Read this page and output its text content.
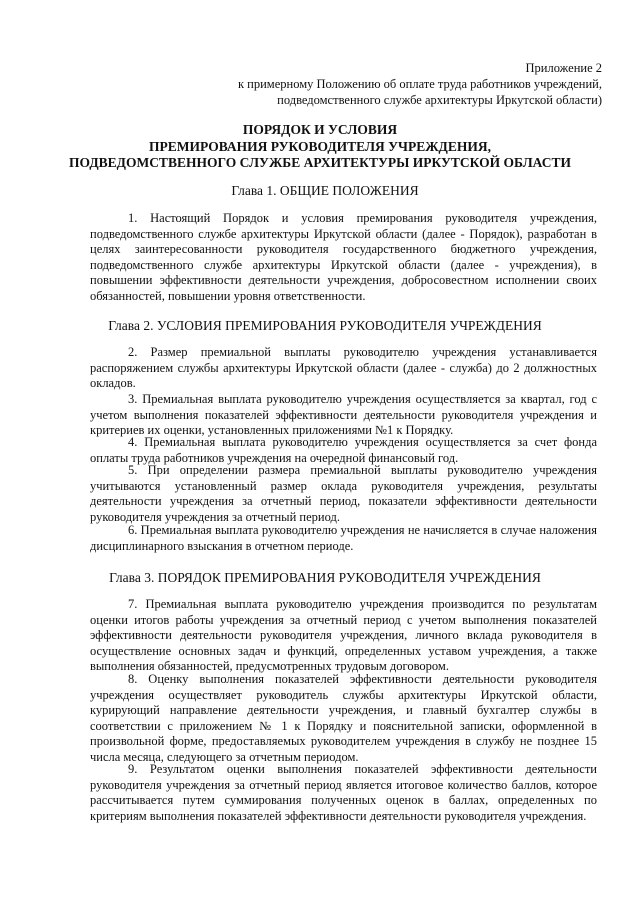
Приложение 2
к примерному Положению об оплате труда работников учреждений,
подведомственного службе архитектуры Иркутской области)
ПОРЯДОК И УСЛОВИЯ
ПРЕМИРОВАНИЯ РУКОВОДИТЕЛЯ УЧРЕЖДЕНИЯ,
ПОДВЕДОМСТВЕННОГО СЛУЖБЕ АРХИТЕКТУРЫ ИРКУТСКОЙ ОБЛАСТИ
Глава 1. ОБЩИЕ ПОЛОЖЕНИЯ

1. Настоящий Порядок и условия премирования руководителя учреждения, подведомственного службе архитектуры Иркутской области (далее - Порядок), разработан в целях заинтересованности руководителя государственного бюджетного учреждения, подведомственного службе архитектуры Иркутской области (далее - учреждения), в повышении эффективности деятельности учреждения, добросовестном исполнении своих обязанностей, повышении уровня ответственности.

Глава 2. УСЛОВИЯ ПРЕМИРОВАНИЯ РУКОВОДИТЕЛЯ УЧРЕЖДЕНИЯ

2. Размер премиальной выплаты руководителю учреждения устанавливается распоряжением службы архитектуры Иркутской области (далее - служба) до 2 должностных окладов.

3. Премиальная выплата руководителю учреждения осуществляется за квартал, год с учетом выполнения показателей эффективности деятельности руководителя учреждения и критериев их оценки, установленных приложениями №1 к Порядку.

4. Премиальная выплата руководителю учреждения осуществляется за счет фонда оплаты труда работников учреждения на очередной финансовый год.

5. При определении размера премиальной выплаты руководителю учреждения учитываются установленный размер оклада руководителя учреждения, результаты деятельности учреждения за отчетный период, показатели эффективности деятельности руководителя учреждения за отчетный период.

6. Премиальная выплата руководителю учреждения не начисляется в случае наложения дисциплинарного взыскания в отчетном периоде.

Глава 3. ПОРЯДОК ПРЕМИРОВАНИЯ РУКОВОДИТЕЛЯ УЧРЕЖДЕНИЯ

7. Премиальная выплата руководителю учреждения производится по результатам оценки итогов работы учреждения за отчетный период с учетом выполнения показателей эффективности деятельности руководителя учреждения, личного вклада руководителя в осуществление основных задач и функций, определенных уставом учреждения, а также выполнения обязанностей, предусмотренных трудовым договором.

8. Оценку выполнения показателей эффективности деятельности руководителя учреждения осуществляет руководитель службы архитектуры Иркутской области, курирующий направление деятельности учреждения, и главный бухгалтер службы в соответствии с приложением № 1 к Порядку и пояснительной записки, оформленной в произвольной форме, предоставляемых руководителем учреждения в службу не позднее 15 числа месяца, следующего за отчетным периодом.

9. Результатом оценки выполнения показателей эффективности деятельности руководителя учреждения за отчетный период является итоговое количество баллов, которое рассчитывается путем суммирования полученных оценок в баллах, определенных по критериям выполнения показателей эффективности деятельности руководителя учреждения.
